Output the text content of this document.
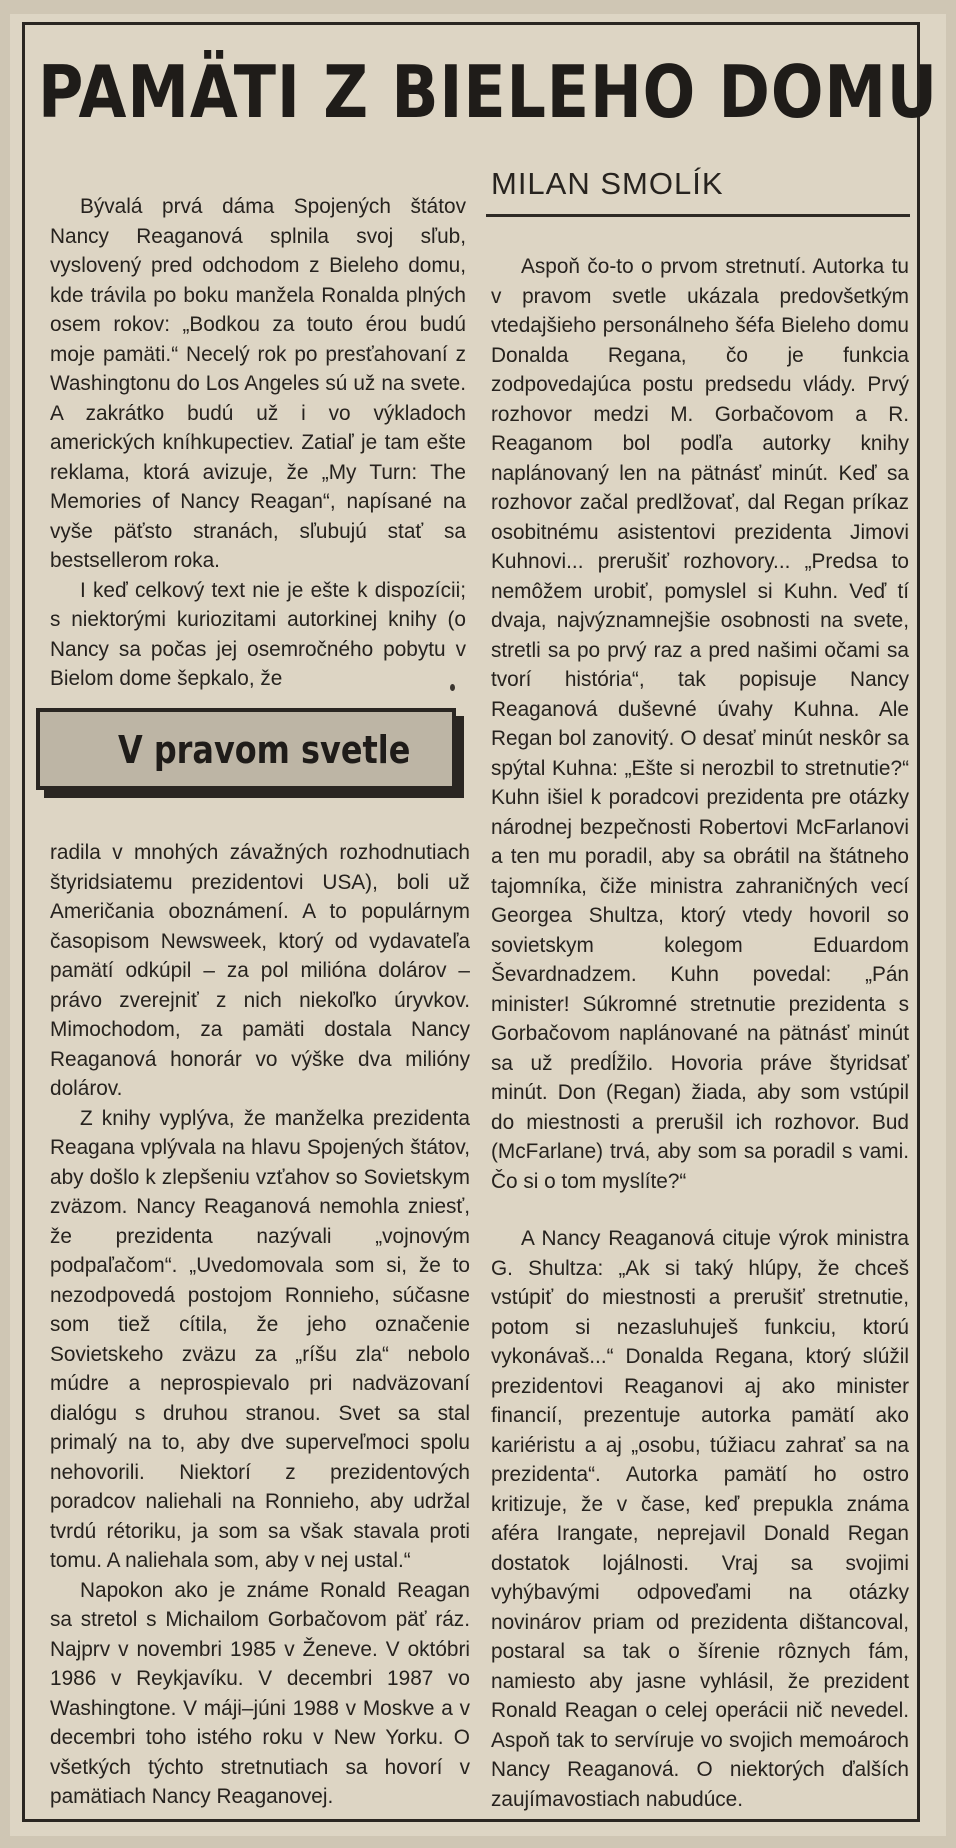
PAMÄTI Z BIELEHO DOMU
MILAN SMOLÍK

Bývalá prvá dáma Spojených štátov Nancy Reaganová splnila svoj sľub, vyslovený pred odchodom z Bieleho domu, kde trávila po boku manžela Ronalda plných osem rokov: „Bodkou za touto érou budú moje pamäti.“ Necelý rok po presťahovaní z Washingtonu do Los Angeles sú už na svete. A zakrátko budú už i vo výkladoch amerických kníhkupectiev. Zatiaľ je tam ešte reklama, ktorá avizuje, že „My Turn: The Memories of Nancy Reagan“, napísané na vyše päťsto stranách, sľubujú stať sa bestsellerom roka.

I keď celkový text nie je ešte k dispozícii; s niektorými kuriozitami autorkinej knihy (o Nancy sa počas jej osemročného pobytu v Bielom dome šepkalo, že

V pravom svetle

radila v mnohých závažných rozhodnutiach štyridsiatemu prezidentovi USA), boli už Američania oboznámení. A to populárnym časopisom Newsweek, ktorý od vydavateľa pamätí odkúpil – za pol milióna dolárov – právo zverejniť z nich niekoľko úryvkov. Mimochodom, za pamäti dostala Nancy Reaganová honorár vo výške dva milióny dolárov.

Z knihy vyplýva, že manželka prezidenta Reagana vplývala na hlavu Spojených štátov, aby došlo k zlepšeniu vzťahov so Sovietskym zväzom. Nancy Reaganová nemohla zniesť, že prezidenta nazývali „vojnovým podpaľačom“. „Uvedomovala som si, že to nezodpovedá postojom Ronnieho, súčasne som tiež cítila, že jeho označenie Sovietskeho zväzu za „ríšu zla“ nebolo múdre a neprospievalo pri nadväzovaní dialógu s druhou stranou. Svet sa stal primalý na to, aby dve superveľmoci spolu nehovorili. Niektorí z prezidentových poradcov naliehali na Ronnieho, aby udržal tvrdú rétoriku, ja som sa však stavala proti tomu. A naliehala som, aby v nej ustal.“

Napokon ako je známe Ronald Reagan sa stretol s Michailom Gorbačovom päť ráz. Najprv v novembri 1985 v Ženeve. V októbri 1986 v Reykjavíku. V decembri 1987 vo Washingtone. V máji–júni 1988 v Moskve a v decembri toho istého roku v New Yorku. O všetkých týchto stretnutiach sa hovorí v pamätiach Nancy Reaganovej.

Aspoň čo-to o prvom stretnutí. Autorka tu v pravom svetle ukázala predovšetkým vtedajšieho personálneho šéfa Bieleho domu Donalda Regana, čo je funkcia zodpovedajúca postu predsedu vlády. Prvý rozhovor medzi M. Gorbačovom a R. Reaganom bol podľa autorky knihy naplánovaný len na pätnásť minút. Keď sa rozhovor začal predlžovať, dal Regan príkaz osobitnému asistentovi prezidenta Jimovi Kuhnovi... prerušiť rozhovory... „Predsa to nemôžem urobiť, pomyslel si Kuhn. Veď tí dvaja, najvýznamnejšie osobnosti na svete, stretli sa po prvý raz a pred našimi očami sa tvorí história“, tak popisuje Nancy Reaganová duševné úvahy Kuhna. Ale Regan bol zanovitý. O desať minút neskôr sa spýtal Kuhna: „Ešte si nerozbil to stretnutie?“ Kuhn išiel k poradcovi prezidenta pre otázky národnej bezpečnosti Robertovi McFarlanovi a ten mu poradil, aby sa obrátil na štátneho tajomníka, čiže ministra zahraničných vecí Georgea Shultza, ktorý vtedy hovoril so sovietskym kolegom Eduardom Ševardnadzem. Kuhn povedal: „Pán minister! Súkromné stretnutie prezidenta s Gorbačovom naplánované na pätnásť minút sa už predĺžilo. Hovoria práve štyridsať minút. Don (Regan) žiada, aby som vstúpil do miestnosti a prerušil ich rozhovor. Bud (McFarlane) trvá, aby som sa poradil s vami. Čo si o tom myslíte?“

A Nancy Reaganová cituje výrok ministra G. Shultza: „Ak si taký hlúpy, že chceš vstúpiť do miestnosti a prerušiť stretnutie, potom si nezasluhuješ funkciu, ktorú vykonávaš...“ Donalda Regana, ktorý slúžil prezidentovi Reaganovi aj ako minister financií, prezentuje autorka pamätí ako kariéristu a aj „osobu, túžiacu zahrať sa na prezidenta“. Autorka pamätí ho ostro kritizuje, že v čase, keď prepukla známa aféra Irangate, neprejavil Donald Regan dostatok lojálnosti. Vraj sa svojimi vyhýbavými odpoveďami na otázky novinárov priam od prezidenta dištancoval, postaral sa tak o šírenie rôznych fám, namiesto aby jasne vyhlásil, že prezident Ronald Reagan o celej operácii nič nevedel. Aspoň tak to servíruje vo svojich memoároch Nancy Reaganová. O niektorých ďalších zaujímavostiach nabudúce.
